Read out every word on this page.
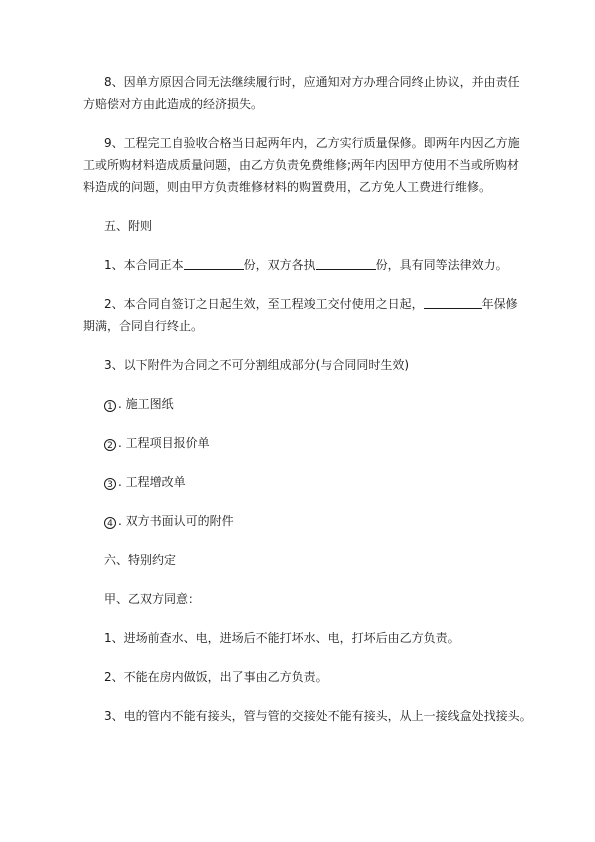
8、因单方原因合同无法继续履行时，应通知对方办理合同终止协议，并由责任

方赔偿对方由此造成的经济损失。

9、工程完工自验收合格当日起两年内，乙方实行质量保修。即两年内因乙方施

工或所购材料造成质量问题，由乙方负责免费维修;两年内因甲方使用不当或所购材

料造成的问题，则由甲方负责维修材料的购置费用，乙方免人工费进行维修。

五、附则

1、本合同正本	份，双方各执	份，具有同等法律效力。

2、本合同自签订之日起生效，至工程竣工交付使用之日起，	年保修

期满，合同自行终止。

3、以下附件为合同之不可分割组成部分(与合同同时生效)

1 . 施工图纸

2 . 工程项目报价单

3 . 工程增改单

4 . 双方书面认可的附件

六、特别约定

甲、乙双方同意：

1、进场前查水、电，进场后不能打坏水、电，打坏后由乙方负责。

2、不能在房内做饭，出了事由乙方负责。

3、电的管内不能有接头，管与管的交接处不能有接头，从上一接线盒处找接头。
